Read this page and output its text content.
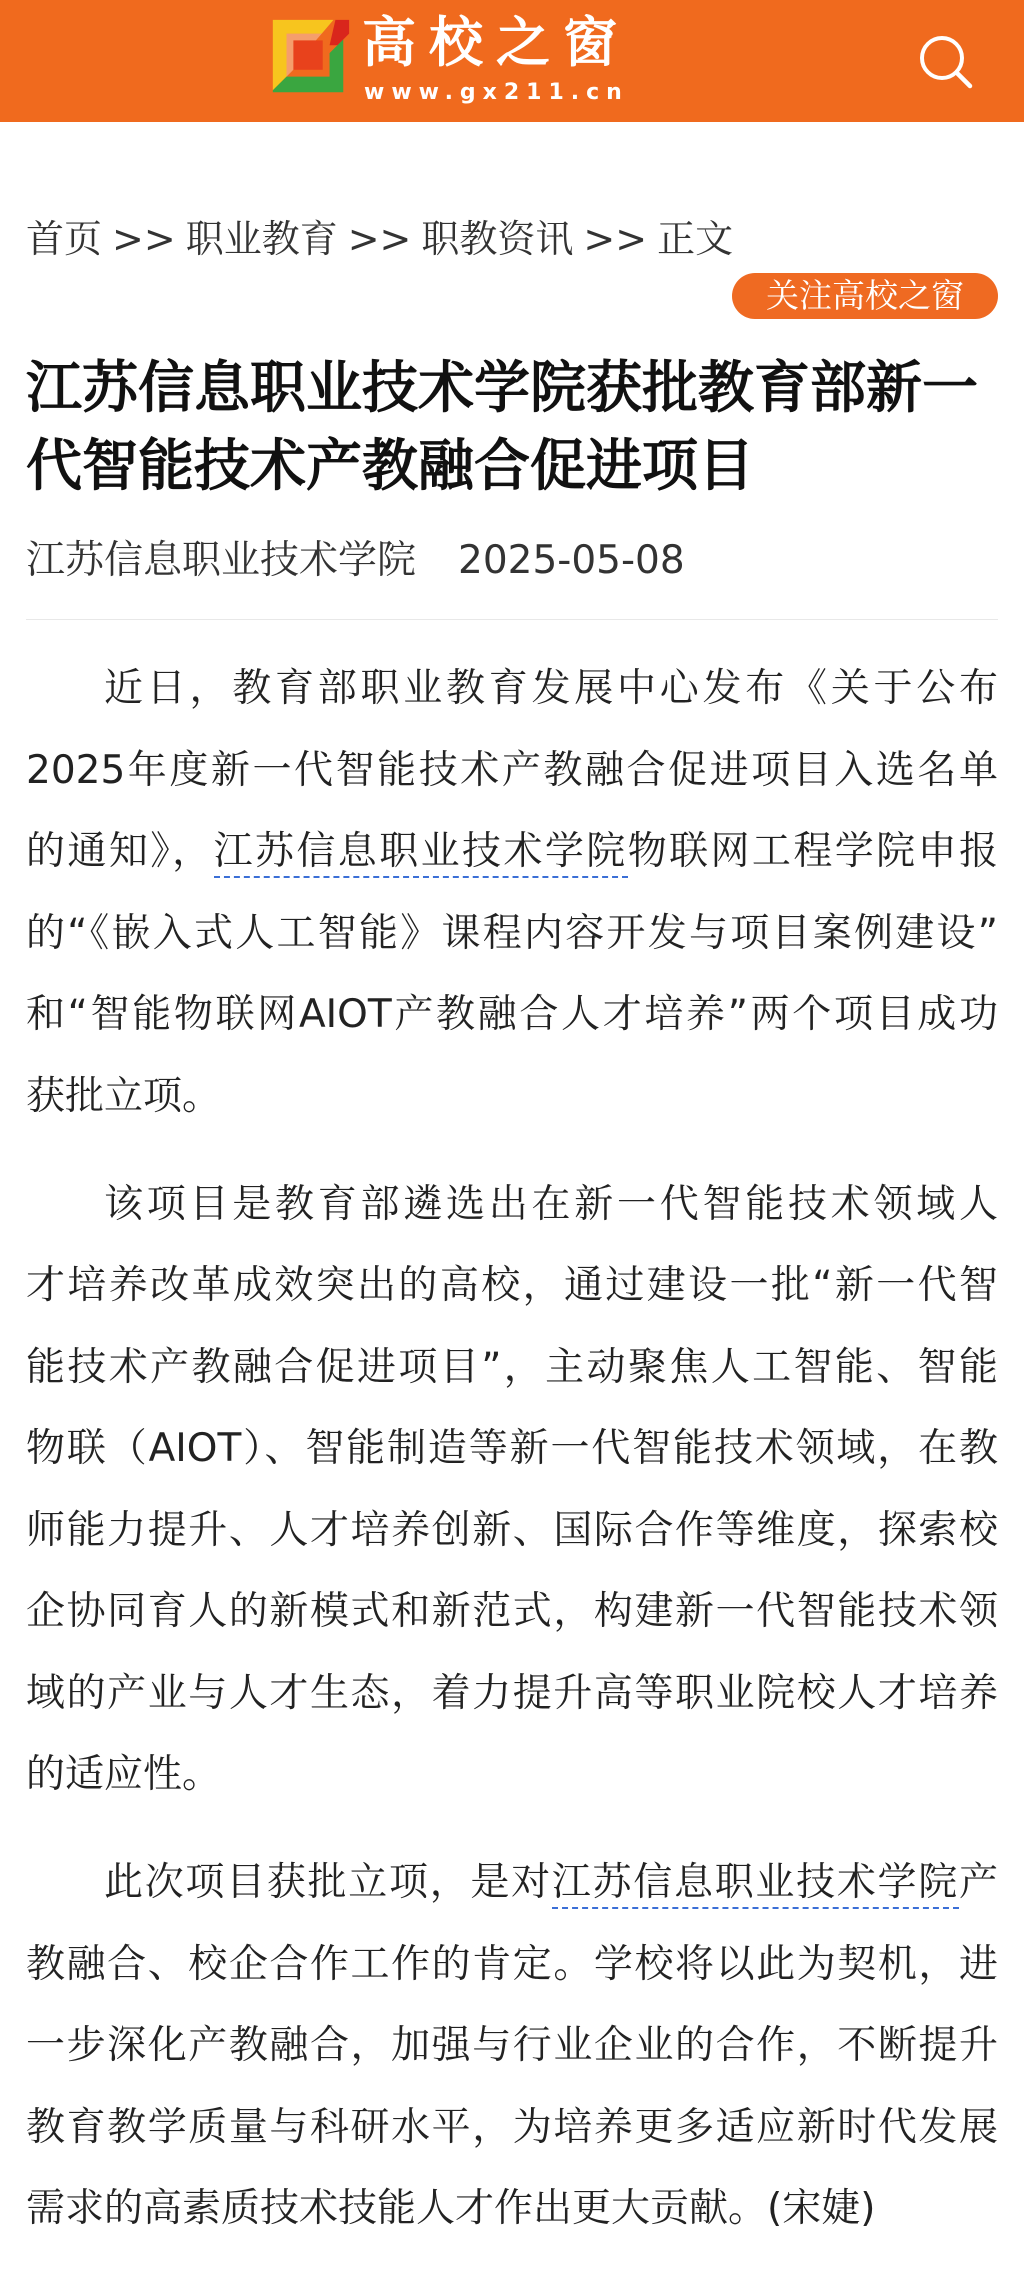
高校之窗
www.gx211.cn
首页 >> 职业教育 >> 职教资讯 >> 正文
关注高校之窗
江苏信息职业技术学院获批教育部新一代智能技术产教融合促进项目
江苏信息职业技术学院 2025-05-08
近日，教育部职业教育发展中心发布《关于公布
2025年度新一代智能技术产教融合促进项目入选名单
的通知》，江苏信息职业技术学院物联网工程学院申报
的“《嵌入式人工智能》课程内容开发与项目案例建设”
和“智能物联网AIOT产教融合人才培养”两个项目成功
获批立项。
该项目是教育部遴选出在新一代智能技术领域人
才培养改革成效突出的高校，通过建设一批“新一代智
能技术产教融合促进项目”，主动聚焦人工智能、智能
物联（AIOT）、智能制造等新一代智能技术领域，在教
师能力提升、人才培养创新、国际合作等维度，探索校
企协同育人的新模式和新范式，构建新一代智能技术领
域的产业与人才生态，着力提升高等职业院校人才培养
的适应性。
此次项目获批立项，是对江苏信息职业技术学院产
教融合、校企合作工作的肯定。学校将以此为契机，进
一步深化产教融合，加强与行业企业的合作，不断提升
教育教学质量与科研水平，为培养更多适应新时代发展
需求的高素质技术技能人才作出更大贡献。(宋婕)
